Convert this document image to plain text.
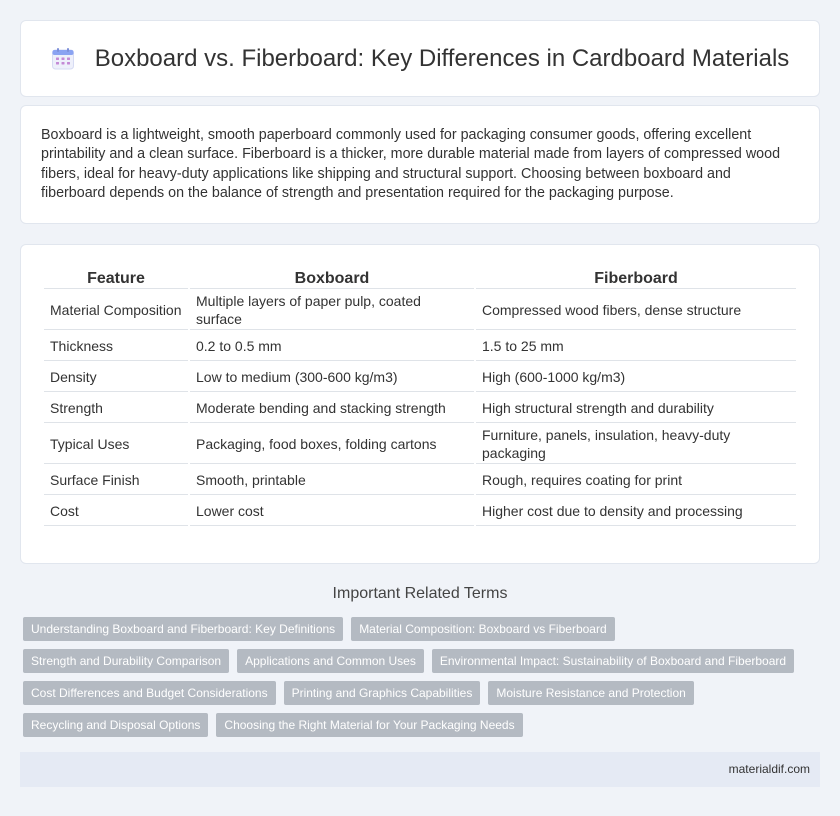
Boxboard vs. Fiberboard: Key Differences in Cardboard Materials

Boxboard is a lightweight, smooth paperboard commonly used for packaging consumer goods, offering excellent printability and a clean surface. Fiberboard is a thicker, more durable material made from layers of compressed wood fibers, ideal for heavy-duty applications like shipping and structural support. Choosing between boxboard and fiberboard depends on the balance of strength and presentation required for the packaging purpose.

Feature	Boxboard	Fiberboard
Material Composition	Multiple layers of paper pulp, coated surface	Compressed wood fibers, dense structure
Thickness	0.2 to 0.5 mm	1.5 to 25 mm
Density	Low to medium (300-600 kg/m3)	High (600-1000 kg/m3)
Strength	Moderate bending and stacking strength	High structural strength and durability
Typical Uses	Packaging, food boxes, folding cartons	Furniture, panels, insulation, heavy-duty packaging
Surface Finish	Smooth, printable	Rough, requires coating for print
Cost	Lower cost	Higher cost due to density and processing
Important Related Terms
Understanding Boxboard and Fiberboard: Key Definitions	Material Composition: Boxboard vs Fiberboard
Strength and Durability Comparison	Applications and Common Uses	Environmental Impact: Sustainability of Boxboard and Fiberboard
Cost Differences and Budget Considerations	Printing and Graphics Capabilities	Moisture Resistance and Protection
Recycling and Disposal Options	Choosing the Right Material for Your Packaging Needs
materialdif.com
